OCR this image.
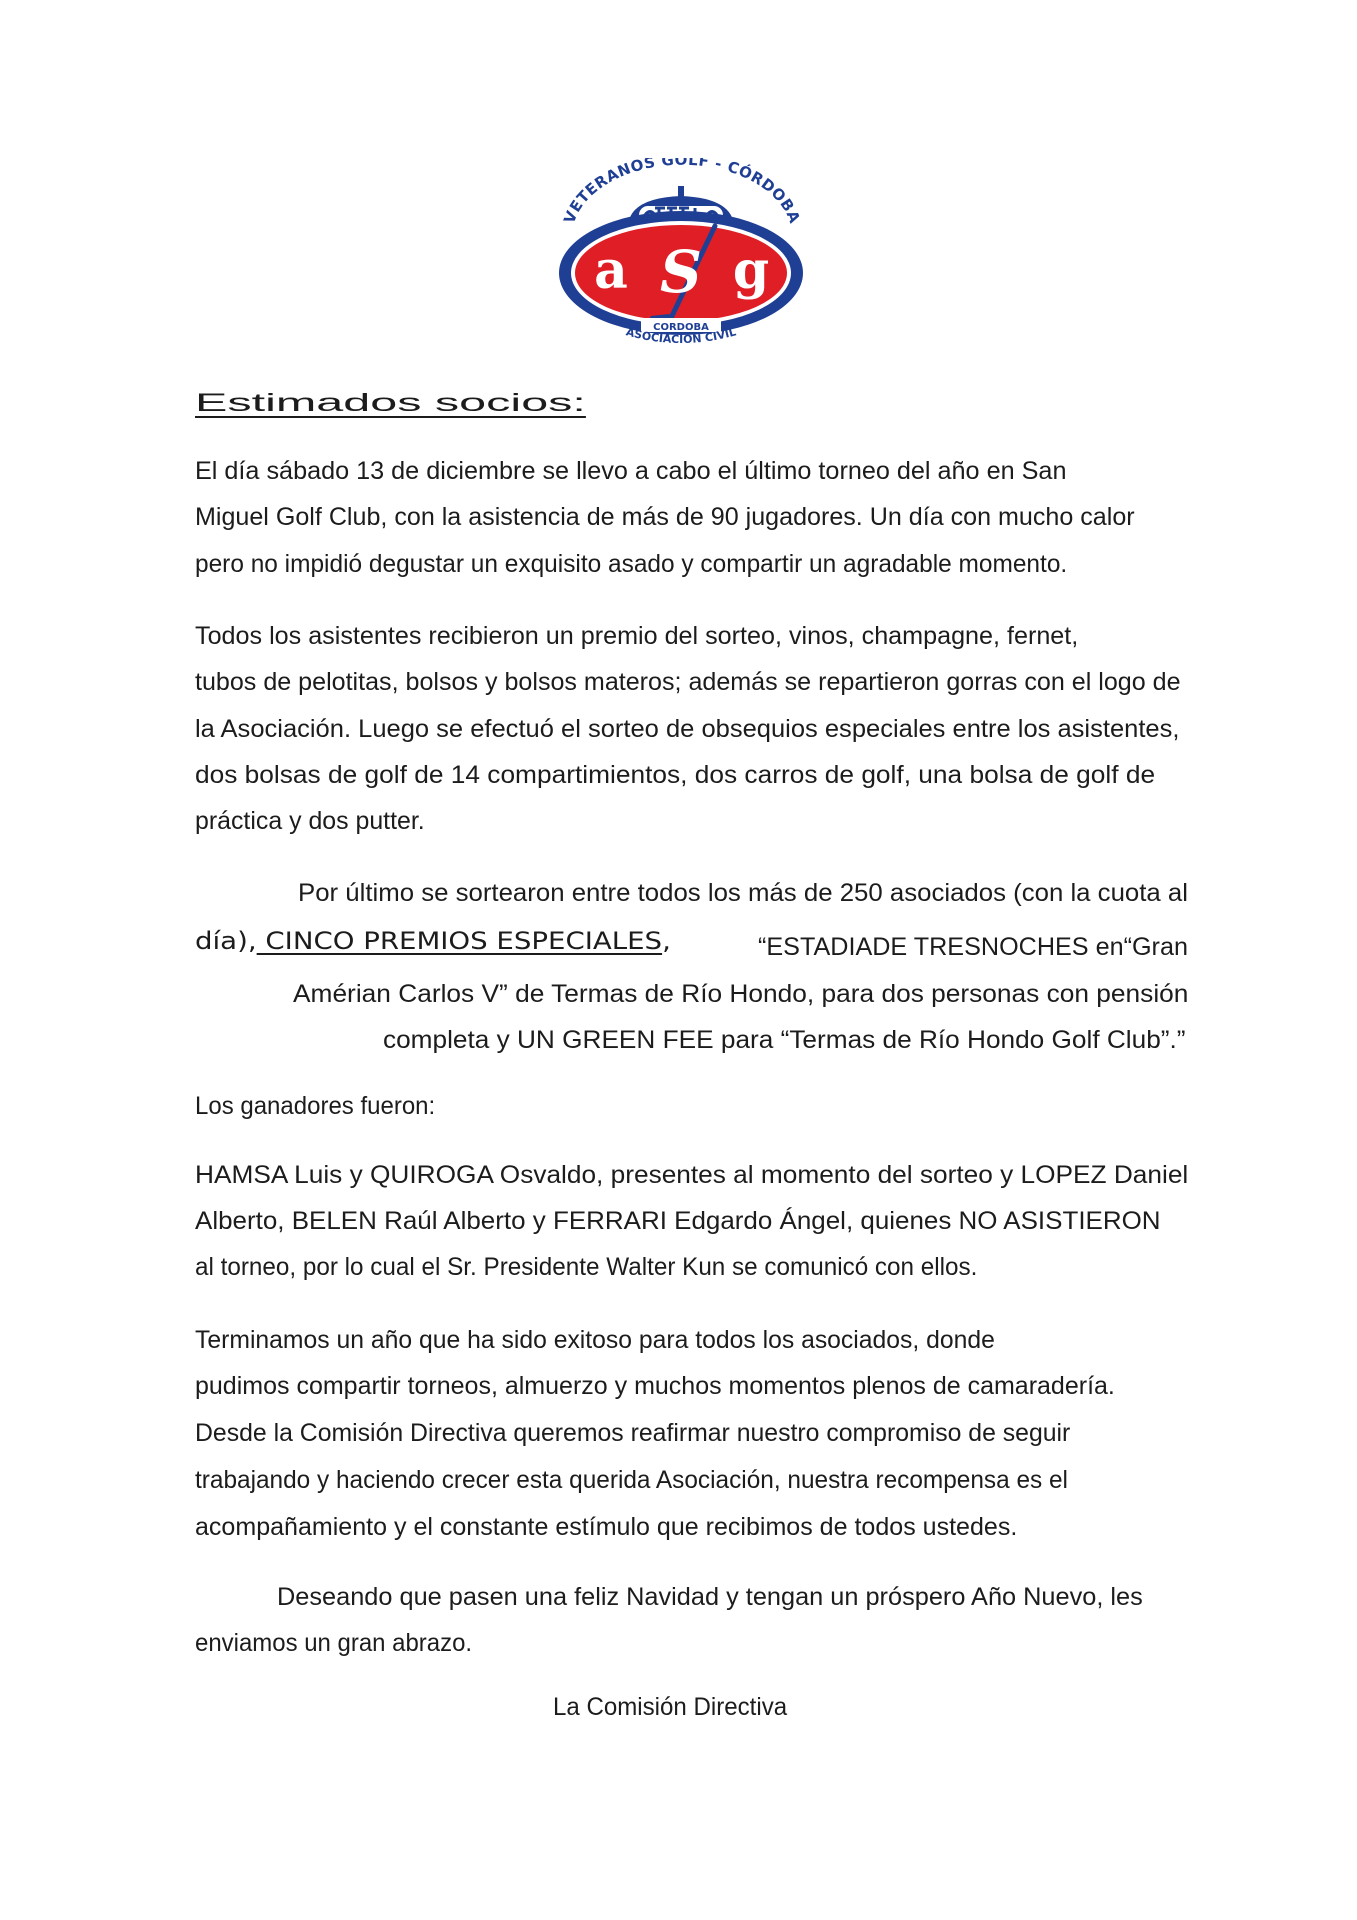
VETERANOS GOLF - CÓRDOBA
a S g
CORDOBA
ASOCIACIÓN CIVIL
Estimados socios:
El día sábado 13 de diciembre se llevo a cabo el último torneo del año en San
Miguel Golf Club, con la asistencia de más de 90 jugadores. Un día con mucho calor
pero no impidió degustar un exquisito asado y compartir un agradable momento.
Todos los asistentes recibieron un premio del sorteo, vinos, champagne, fernet,
tubos de pelotitas, bolsos y bolsos materos; además se repartieron gorras con el logo de
la Asociación. Luego se efectuó el sorteo de obsequios especiales entre los asistentes,
dos bolsas de golf de 14 compartimientos, dos carros de golf, una bolsa de golf de
práctica y dos putter.
Por último se sortearon entre todos los más de 250 asociados (con la cuota al
día), CINCO PREMIOS ESPECIALES,	“ESTADIADE TRESNOCHES en“Gran
Amérian Carlos V” de Termas de Río Hondo, para dos personas con pensión
completa y UN GREEN FEE para “Termas de Río Hondo Golf Club”.”
Los ganadores fueron:
HAMSA Luis y QUIROGA Osvaldo, presentes al momento del sorteo y LOPEZ Daniel
Alberto, BELEN Raúl Alberto y FERRARI Edgardo Ángel, quienes NO ASISTIERON
al torneo, por lo cual el Sr. Presidente Walter Kun se comunicó con ellos.
Terminamos un año que ha sido exitoso para todos los asociados, donde
pudimos compartir torneos, almuerzo y muchos momentos plenos de camaradería.
Desde la Comisión Directiva queremos reafirmar nuestro compromiso de seguir
trabajando y haciendo crecer esta querida Asociación, nuestra recompensa es el
acompañamiento y el constante estímulo que recibimos de todos ustedes.
Deseando que pasen una feliz Navidad y tengan un próspero Año Nuevo, les
enviamos un gran abrazo.
La Comisión Directiva
